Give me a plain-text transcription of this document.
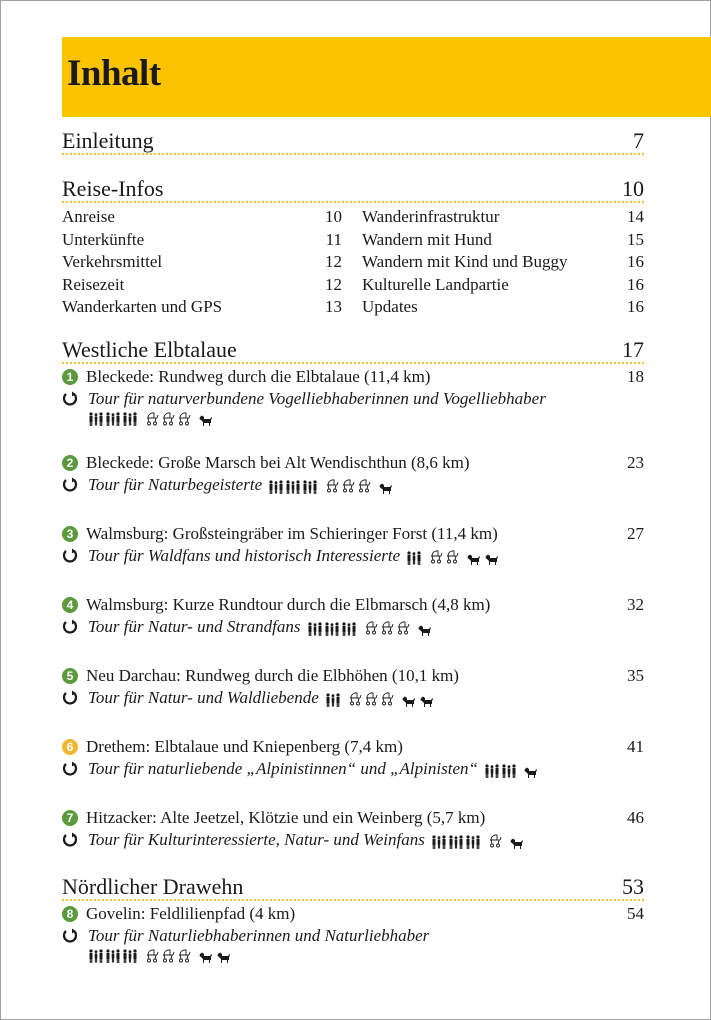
Inhalt
Einleitung	7
Reise-Infos	10
Anreise	10
Unterkünfte	11
Verkehrsmittel	12
Reisezeit	12
Wanderkarten und GPS	13
Wanderinfrastruktur	14
Wandern mit Hund	15
Wandern mit Kind und Buggy	16
Kulturelle Landpartie	16
Updates	16
Westliche Elbtalaue	17
1 Bleckede: Rundweg durch die Elbtalaue (11,4 km)	18
Tour für naturverbundene Vogelliebhaberinnen und Vogelliebhaber
2 Bleckede: Große Marsch bei Alt Wendischthun (8,6 km)	23
Tour für Naturbegeisterte
3 Walmsburg: Großsteingräber im Schieringer Forst (11,4 km)	27
Tour für Waldfans und historisch Interessierte
4 Walmsburg: Kurze Rundtour durch die Elbmarsch (4,8 km)	32
Tour für Natur- und Strandfans
5 Neu Darchau: Rundweg durch die Elbhöhen (10,1 km)	35
Tour für Natur- und Waldliebende
6 Drethem: Elbtalaue und Kniepenberg (7,4 km)	41
Tour für naturliebende „Alpinistinnen“ und „Alpinisten“
7 Hitzacker: Alte Jeetzel, Klötzie und ein Weinberg (5,7 km)	46
Tour für Kulturinteressierte, Natur- und Weinfans
Nördlicher Drawehn	53
8 Govelin: Feldlilienpfad (4 km)	54
Tour für Naturliebhaberinnen und Naturliebhaber
